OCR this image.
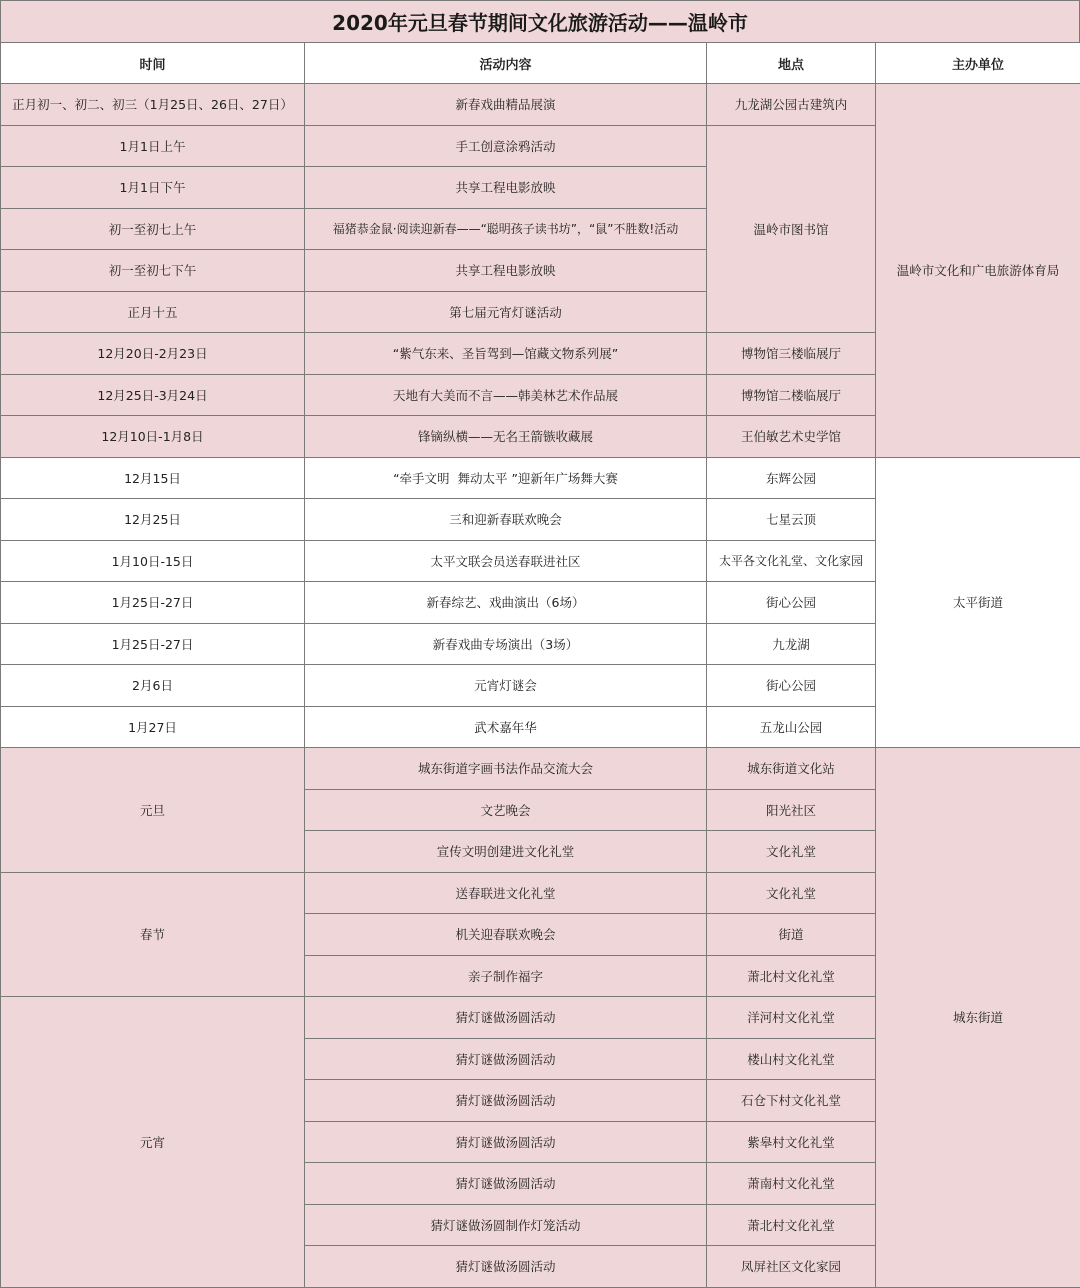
2020年元旦春节期间文化旅游活动——温岭市
时间	活动内容	地点	主办单位
正月初一、初二、初三（1月25日、26日、27日）	新春戏曲精品展演	九龙湖公园古建筑内	温岭市文化和广电旅游体育局
1月1日上午	手工创意涂鸦活动	温岭市图书馆	
1月1日下午	共享工程电影放映		
初一至初七上午	福猪恭金鼠·阅读迎新春——“聪明孩子读书坊”，“鼠”不胜数!活动		
初一至初七下午	共享工程电影放映		
正月十五	第七届元宵灯谜活动		
12月20日-2月23日	“紫气东来、圣旨驾到—馆藏文物系列展”	博物馆三楼临展厅	
12月25日-3月24日	天地有大美而不言——韩美林艺术作品展	博物馆二楼临展厅	
12月10日-1月8日	锋镝纵横——无名王箭镞收藏展	王伯敏艺术史学馆	
12月15日	“牵手文明  舞动太平 ”迎新年广场舞大赛	东辉公园	太平街道
12月25日	三和迎新春联欢晚会	七星云顶	
1月10日-15日	太平文联会员送春联进社区	太平各文化礼堂、文化家园	
1月25日-27日	新春综艺、戏曲演出（6场）	街心公园	
1月25日-27日	新春戏曲专场演出（3场）	九龙湖	
2月6日	元宵灯谜会	街心公园	
1月27日	武术嘉年华	五龙山公园	
元旦	城东街道字画书法作品交流大会	城东街道文化站	城东街道
	文艺晚会	阳光社区	
	宣传文明创建进文化礼堂	文化礼堂	
春节	送春联进文化礼堂	文化礼堂	
	机关迎春联欢晚会	街道	
	亲子制作福字	萧北村文化礼堂	
元宵	猜灯谜做汤圆活动	洋河村文化礼堂	
	猜灯谜做汤圆活动	楼山村文化礼堂	
	猜灯谜做汤圆活动	石仓下村文化礼堂	
	猜灯谜做汤圆活动	紫皋村文化礼堂	
	猜灯谜做汤圆活动	萧南村文化礼堂	
	猜灯谜做汤圆制作灯笼活动	萧北村文化礼堂	
	猜灯谜做汤圆活动	凤屏社区文化家园	
